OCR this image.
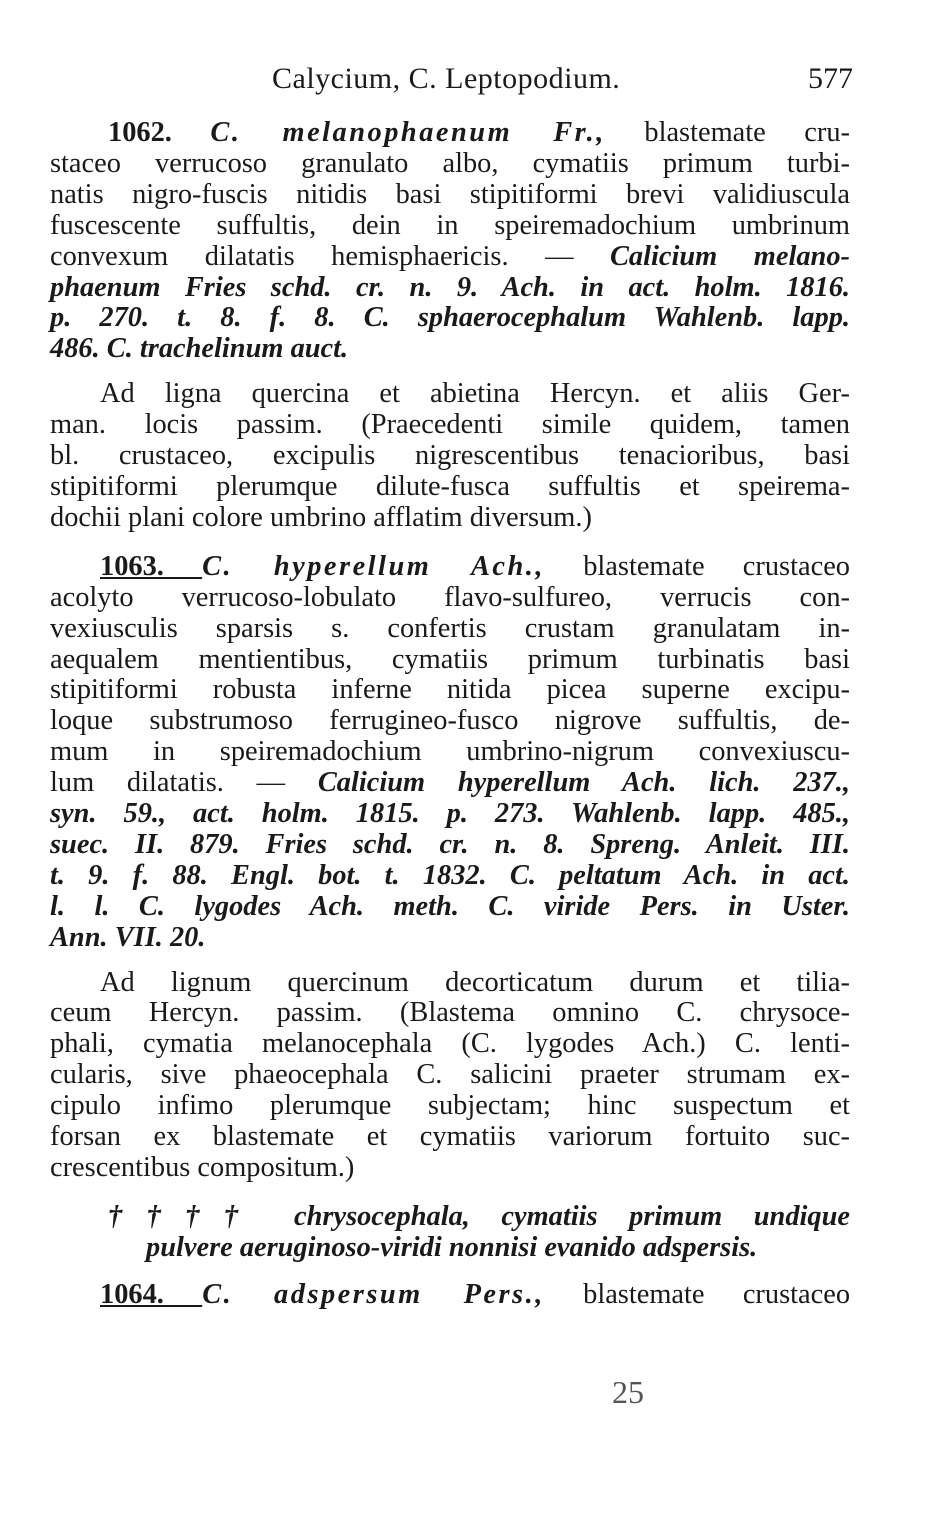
Calycium, C. Leptopodium.	577
1062. C. melanophaenum Fr., blastemate cru-
staceo verrucoso granulato albo, cymatiis primum turbi-
natis nigro-fuscis nitidis basi stipitiformi brevi validiuscula
fuscescente suffultis, dein in speiremadochium umbrinum
convexum dilatatis hemisphaericis. — Calicium melano-
phaenum Fries schd. cr. n. 9. Ach. in act. holm. 1816.
p. 270. t. 8. f. 8. C. sphaerocephalum Wahlenb. lapp.
486. C. trachelinum auct.
Ad ligna quercina et abietina Hercyn. et aliis Ger-
man. locis passim. (Praecedenti simile quidem, tamen
bl. crustaceo, excipulis nigrescentibus tenacioribus, basi
stipitiformi plerumque dilute-fusca suffultis et speirema-
dochii plani colore umbrino afflatim diversum.)
1063. C. hyperellum Ach., blastemate crustaceo
acolyto verrucoso-lobulato flavo-sulfureo, verrucis con-
vexiusculis sparsis s. confertis crustam granulatam in-
aequalem mentientibus, cymatiis primum turbinatis basi
stipitiformi robusta inferne nitida picea superne excipu-
loque substrumoso ferrugineo-fusco nigrove suffultis, de-
mum in speiremadochium umbrino-nigrum convexiuscu-
lum dilatatis. — Calicium hyperellum Ach. lich. 237.,
syn. 59., act. holm. 1815. p. 273. Wahlenb. lapp. 485.,
suec. II. 879. Fries schd. cr. n. 8. Spreng. Anleit. III.
t. 9. f. 88. Engl. bot. t. 1832. C. peltatum Ach. in act.
l. l. C. lygodes Ach. meth. C. viride Pers. in Uster.
Ann. VII. 20.
Ad lignum quercinum decorticatum durum et tilia-
ceum Hercyn. passim. (Blastema omnino C. chrysoce-
phali, cymatia melanocephala (C. lygodes Ach.) C. lenti-
cularis, sive phaeocephala C. salicini praeter strumam ex-
cipulo infimo plerumque subjectam; hinc suspectum et
forsan ex blastemate et cymatiis variorum fortuito suc-
crescentibus compositum.)
†††† chrysocephala, cymatiis primum undique
pulvere aeruginoso-viridi nonnisi evanido adspersis.
1064. C. adspersum Pers., blastemate crustaceo
25
